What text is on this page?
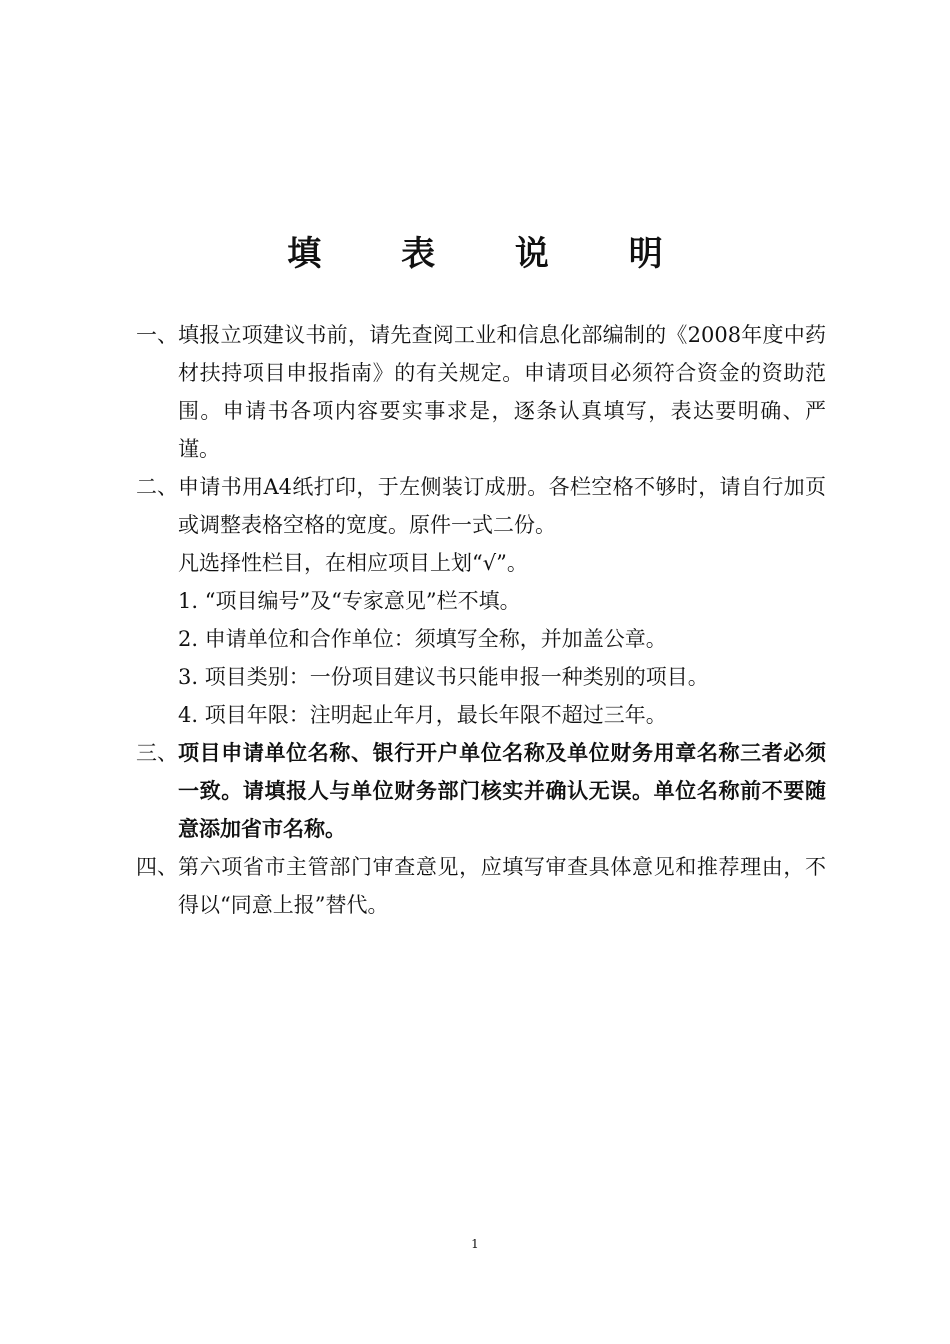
填 表 说 明

一、 填报立项建议书前，请先查阅工业和信息化部编制的《2008年度中药材扶持项目申报指南》的有关规定。申请项目必须符合资金的资助范围。申请书各项内容要实事求是，逐条认真填写，表达要明确、严谨。

二、 申请书用A4纸打印，于左侧装订成册。各栏空格不够时，请自行加页或调整表格空格的宽度。原件一式二份。

凡选择性栏目，在相应项目上划“√”。

1. “项目编号”及“专家意见”栏不填。

2. 申请单位和合作单位：须填写全称，并加盖公章。

3. 项目类别：一份项目建议书只能申报一种类别的项目。

4. 项目年限：注明起止年月，最长年限不超过三年。

三、 项目申请单位名称、银行开户单位名称及单位财务用章名称三者必须一致。请填报人与单位财务部门核实并确认无误。单位名称前不要随意添加省市名称。

四、 第六项省市主管部门审查意见，应填写审查具体意见和推荐理由，不得以“同意上报”替代。

1
